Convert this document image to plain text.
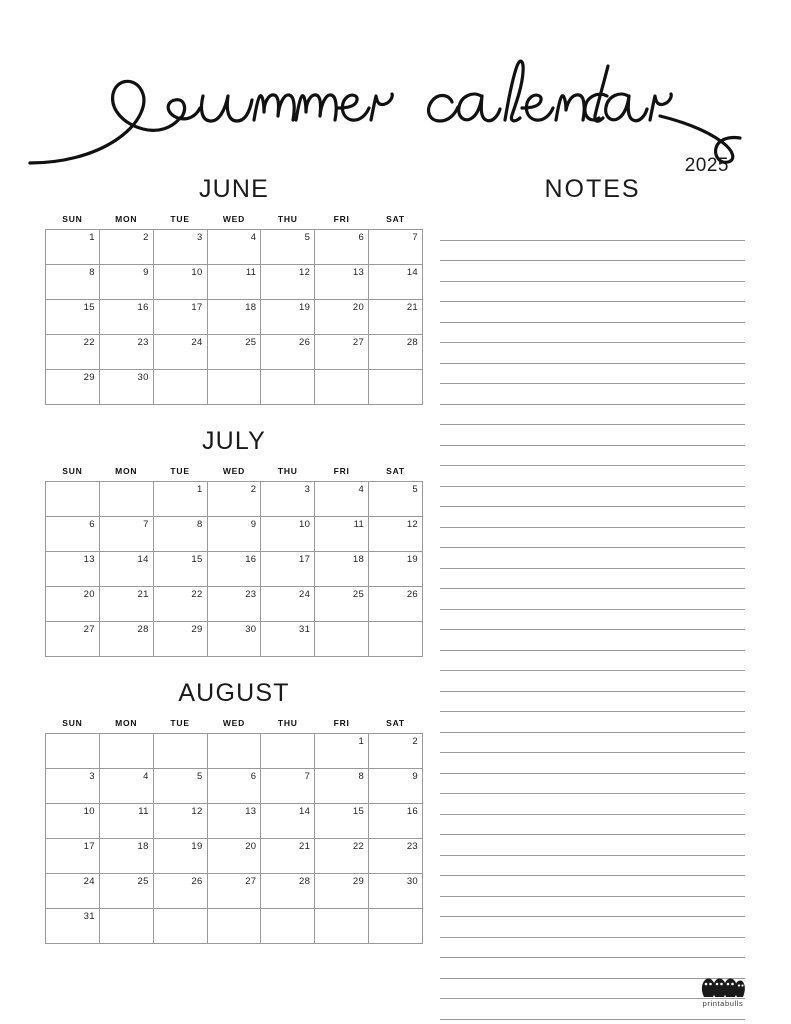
2025
JUNE
SUN	MON	TUE	WED	THU	FRI	SAT
1	2	3	4	5	6	7
8	9	10	11	12	13	14
15	16	17	18	19	20	21
22	23	24	25	26	27	28
29	30					
JULY
SUN	MON	TUE	WED	THU	FRI	SAT
		1	2	3	4	5
6	7	8	9	10	11	12
13	14	15	16	17	18	19
20	21	22	23	24	25	26
27	28	29	30	31		
AUGUST
SUN	MON	TUE	WED	THU	FRI	SAT
					1	2
3	4	5	6	7	8	9
10	11	12	13	14	15	16
17	18	19	20	21	22	23
24	25	26	27	28	29	30
31						
NOTES
printabulls
